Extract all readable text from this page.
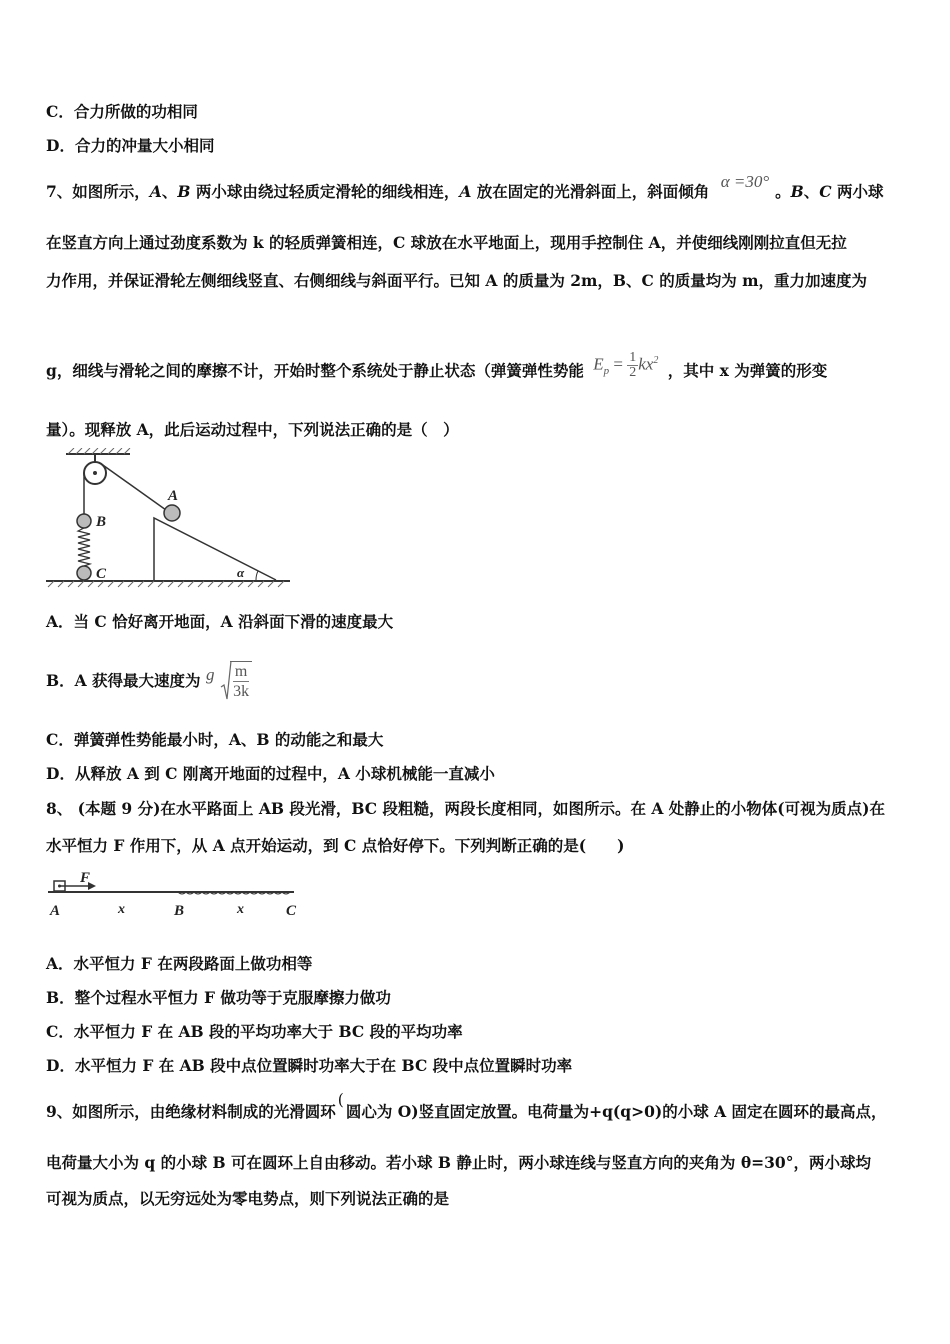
C．合力所做的功相同
D．合力的冲量大小相同
7、如图所示，A、B 两小球由绕过轻质定滑轮的细线相连，A 放在固定的光滑斜面上，斜面倾角 α =30°。B、C 两小球
在竖直方向上通过劲度系数为 k 的轻质弹簧相连，C 球放在水平地面上，现用手控制住 A，并使细线刚刚拉直但无拉
力作用，并保证滑轮左侧细线竖直、右侧细线与斜面平行。已知 A 的质量为 2m，B、C 的质量均为 m，重力加速度为
g，细线与滑轮之间的摩擦不计，开始时整个系统处于静止状态（弹簧弹性势能 $E_p = \frac{1}{2} kx^2$ ，其中 x 为弹簧的形变
量）。现释放 A，此后运动过程中，下列说法正确的是（　）
B
C	α
A
A．当 C 恰好离开地面，A 沿斜面下滑的速度最大
B．A 获得最大速度为 g $\frac{m}{3k}$
C．弹簧弹性势能最小时，A、B 的动能之和最大
D．从释放 A 到 C 刚离开地面的过程中，A 小球机械能一直减小
8、 (本题 9 分)在水平路面上 AB 段光滑，BC 段粗糙，两段长度相同，如图所示。在 A 处静止的小物体(可视为质点)在
水平恒力 F 作用下，从 A 点开始运动，到 C 点恰好停下。下列判断正确的是(　　)
F
A	x	B	x	C
A．水平恒力 F 在两段路面上做功相等
B．整个过程水平恒力 F 做功等于克服摩擦力做功
C．水平恒力 F 在 AB 段的平均功率大于 BC 段的平均功率
D．水平恒力 F 在 AB 段中点位置瞬时功率大于在 BC 段中点位置瞬时功率
9、如图所示，由绝缘材料制成的光滑圆环(圆心为 O)竖直固定放置。电荷量为+q(q>0)的小球 A 固定在圆环的最高点，
电荷量大小为 q 的小球 B 可在圆环上自由移动。若小球 B 静止时，两小球连线与竖直方向的夹角为 θ=30°，两小球均
可视为质点，以无穷远处为零电势点，则下列说法正确的是
